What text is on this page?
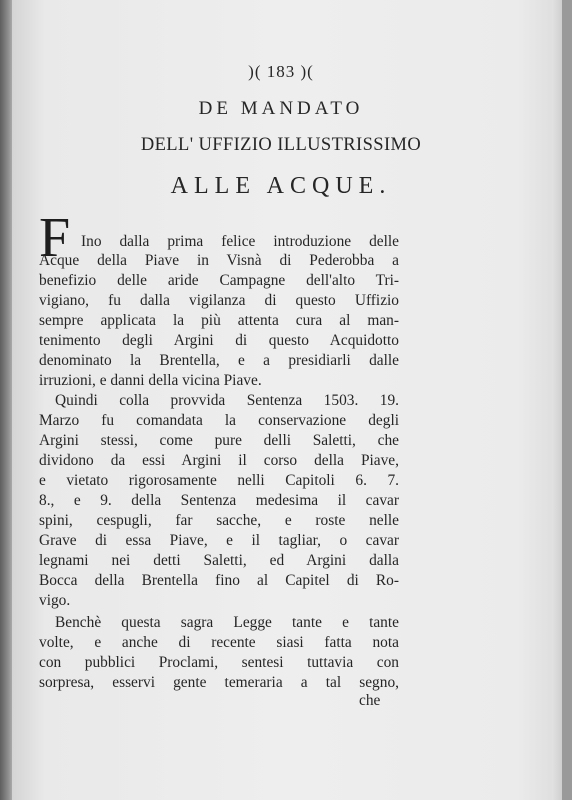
)( 183 )(
DE MANDATO
DELL' UFFIZIO ILLUSTRISSIMO
ALLE ACQUE.
F Ino dalla prima felice introduzione delle
Acque della Piave in Visnà di Pederobba a
benefizio delle aride Campagne dell'alto Tri-
vigiano, fu dalla vigilanza di questo Uffizio
sempre applicata la più attenta cura al man-
tenimento degli Argini di questo Acquidotto
denominato la Brentella, e a presidiarli dalle
irruzioni, e danni della vicina Piave.
Quindi colla provvida Sentenza 1503. 19.
Marzo fu comandata la conservazione degli
Argini stessi, come pure delli Saletti, che
dividono da essi Argini il corso della Piave,
e vietato rigorosamente nelli Capitoli 6. 7.
8., e 9. della Sentenza medesima il cavar
spini, cespugli, far sacche, e roste nelle
Grave di essa Piave, e il tagliar, o cavar
legnami nei detti Saletti, ed Argini dalla
Bocca della Brentella fino al Capitel di Ro-
vigo.
Benchè questa sagra Legge tante e tante
volte, e anche di recente siasi fatta nota
con pubblici Proclami, sentesi tuttavia con
sorpresa, esservi gente temeraria a tal segno,
che
